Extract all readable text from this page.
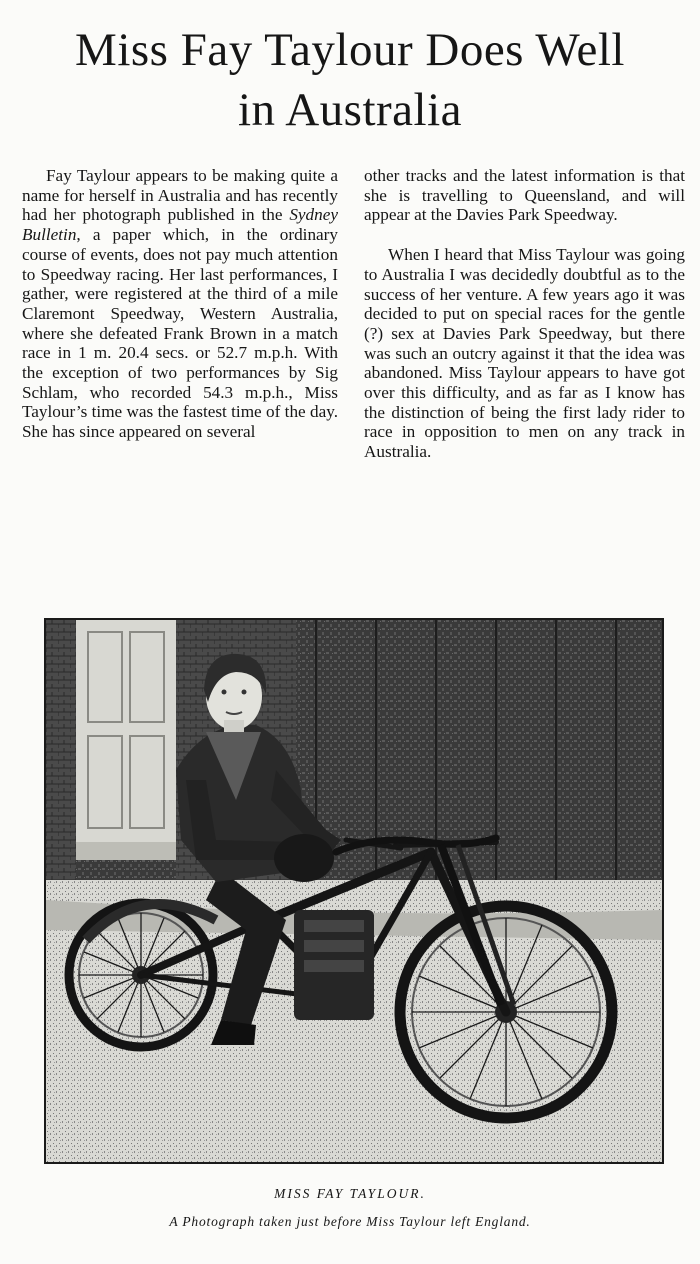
Miss Fay Taylour Does Well
in Australia

Fay Taylour appears to be making quite a name for herself in Australia and has recently had her photograph published in the Sydney Bulletin, a paper which, in the ordinary course of events, does not pay much attention to Speedway racing. Her last performances, I gather, were registered at the third of a mile Claremont Speedway, Western Australia, where she defeated Frank Brown in a match race in 1 m. 20.4 secs. or 52.7 m.p.h. With the exception of two performances by Sig Schlam, who recorded 54.3 m.p.h., Miss Taylour’s time was the fastest time of the day. She has since appeared on several

other tracks and the latest information is that she is travelling to Queensland, and will appear at the Davies Park Speedway.

When I heard that Miss Taylour was going to Australia I was decidedly doubtful as to the success of her venture. A few years ago it was decided to put on special races for the gentle (?) sex at Davies Park Speedway, but there was such an outcry against it that the idea was abandoned. Miss Taylour appears to have got over this difficulty, and as far as I know has the distinction of being the first lady rider to race in opposition to men on any track in Australia.

MISS FAY TAYLOUR.
A Photograph taken just before Miss Taylour left England.
